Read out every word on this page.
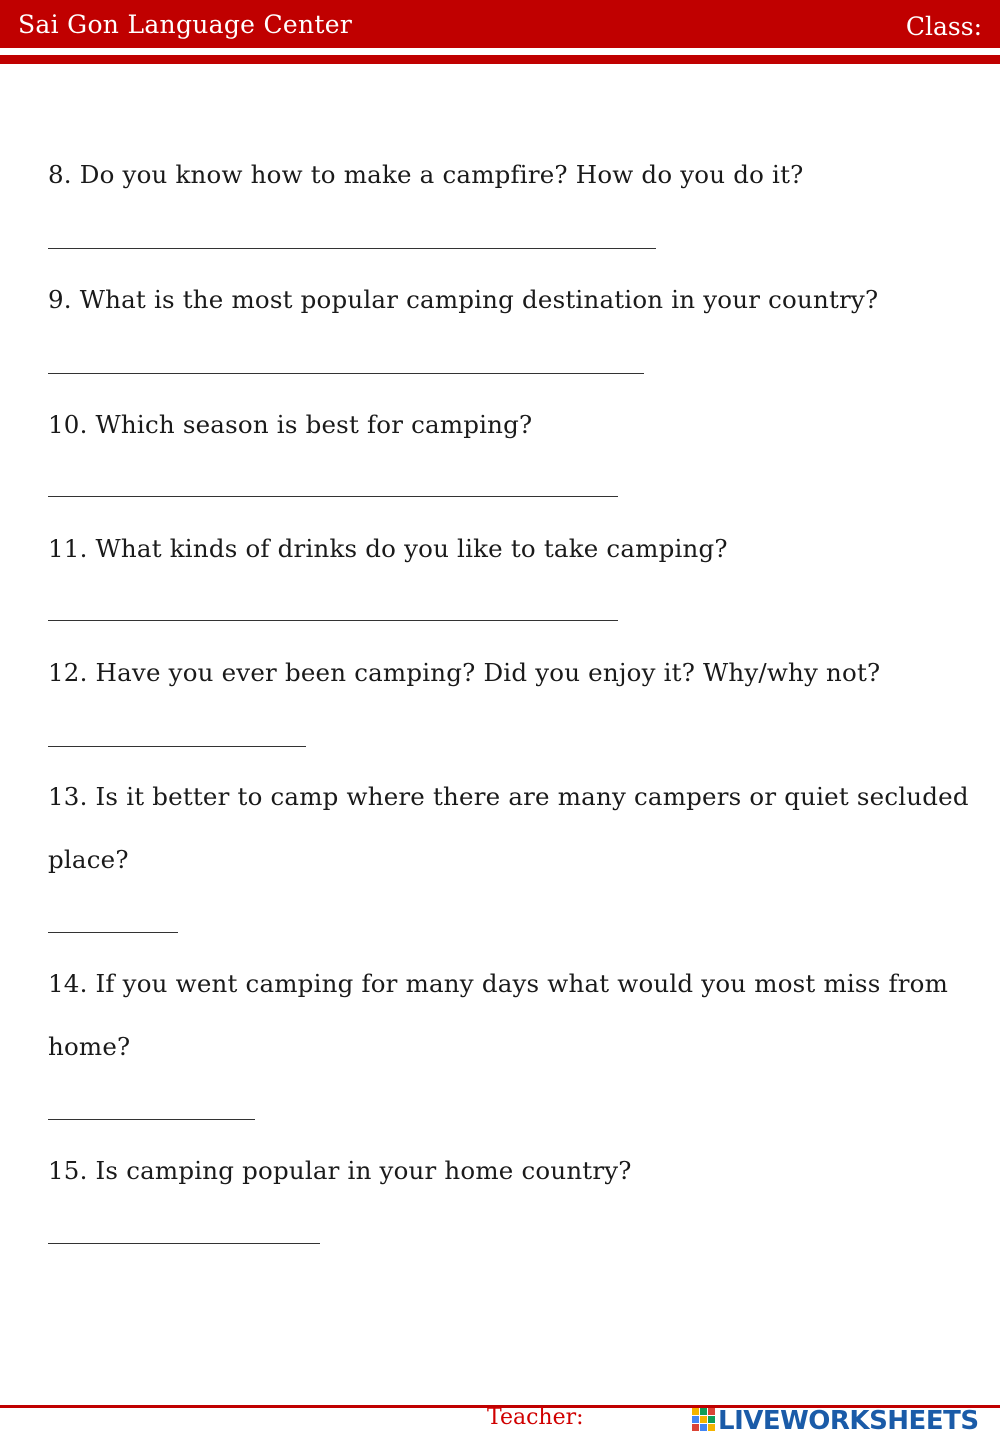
Sai Gon Language Center	Class:
8. Do you know how to make a campfire? How do you do it?
9. What is the most popular camping destination in your country?
10. Which season is best for camping?
11. What kinds of drinks do you like to take camping?
12. Have you ever been camping? Did you enjoy it? Why/why not?
13. Is it better to camp where there are many campers or quiet secluded
place?
14. If you went camping for many days what would you most miss from
home?
15. Is camping popular in your home country?
Teacher:	LIVEWORKSHEETS
